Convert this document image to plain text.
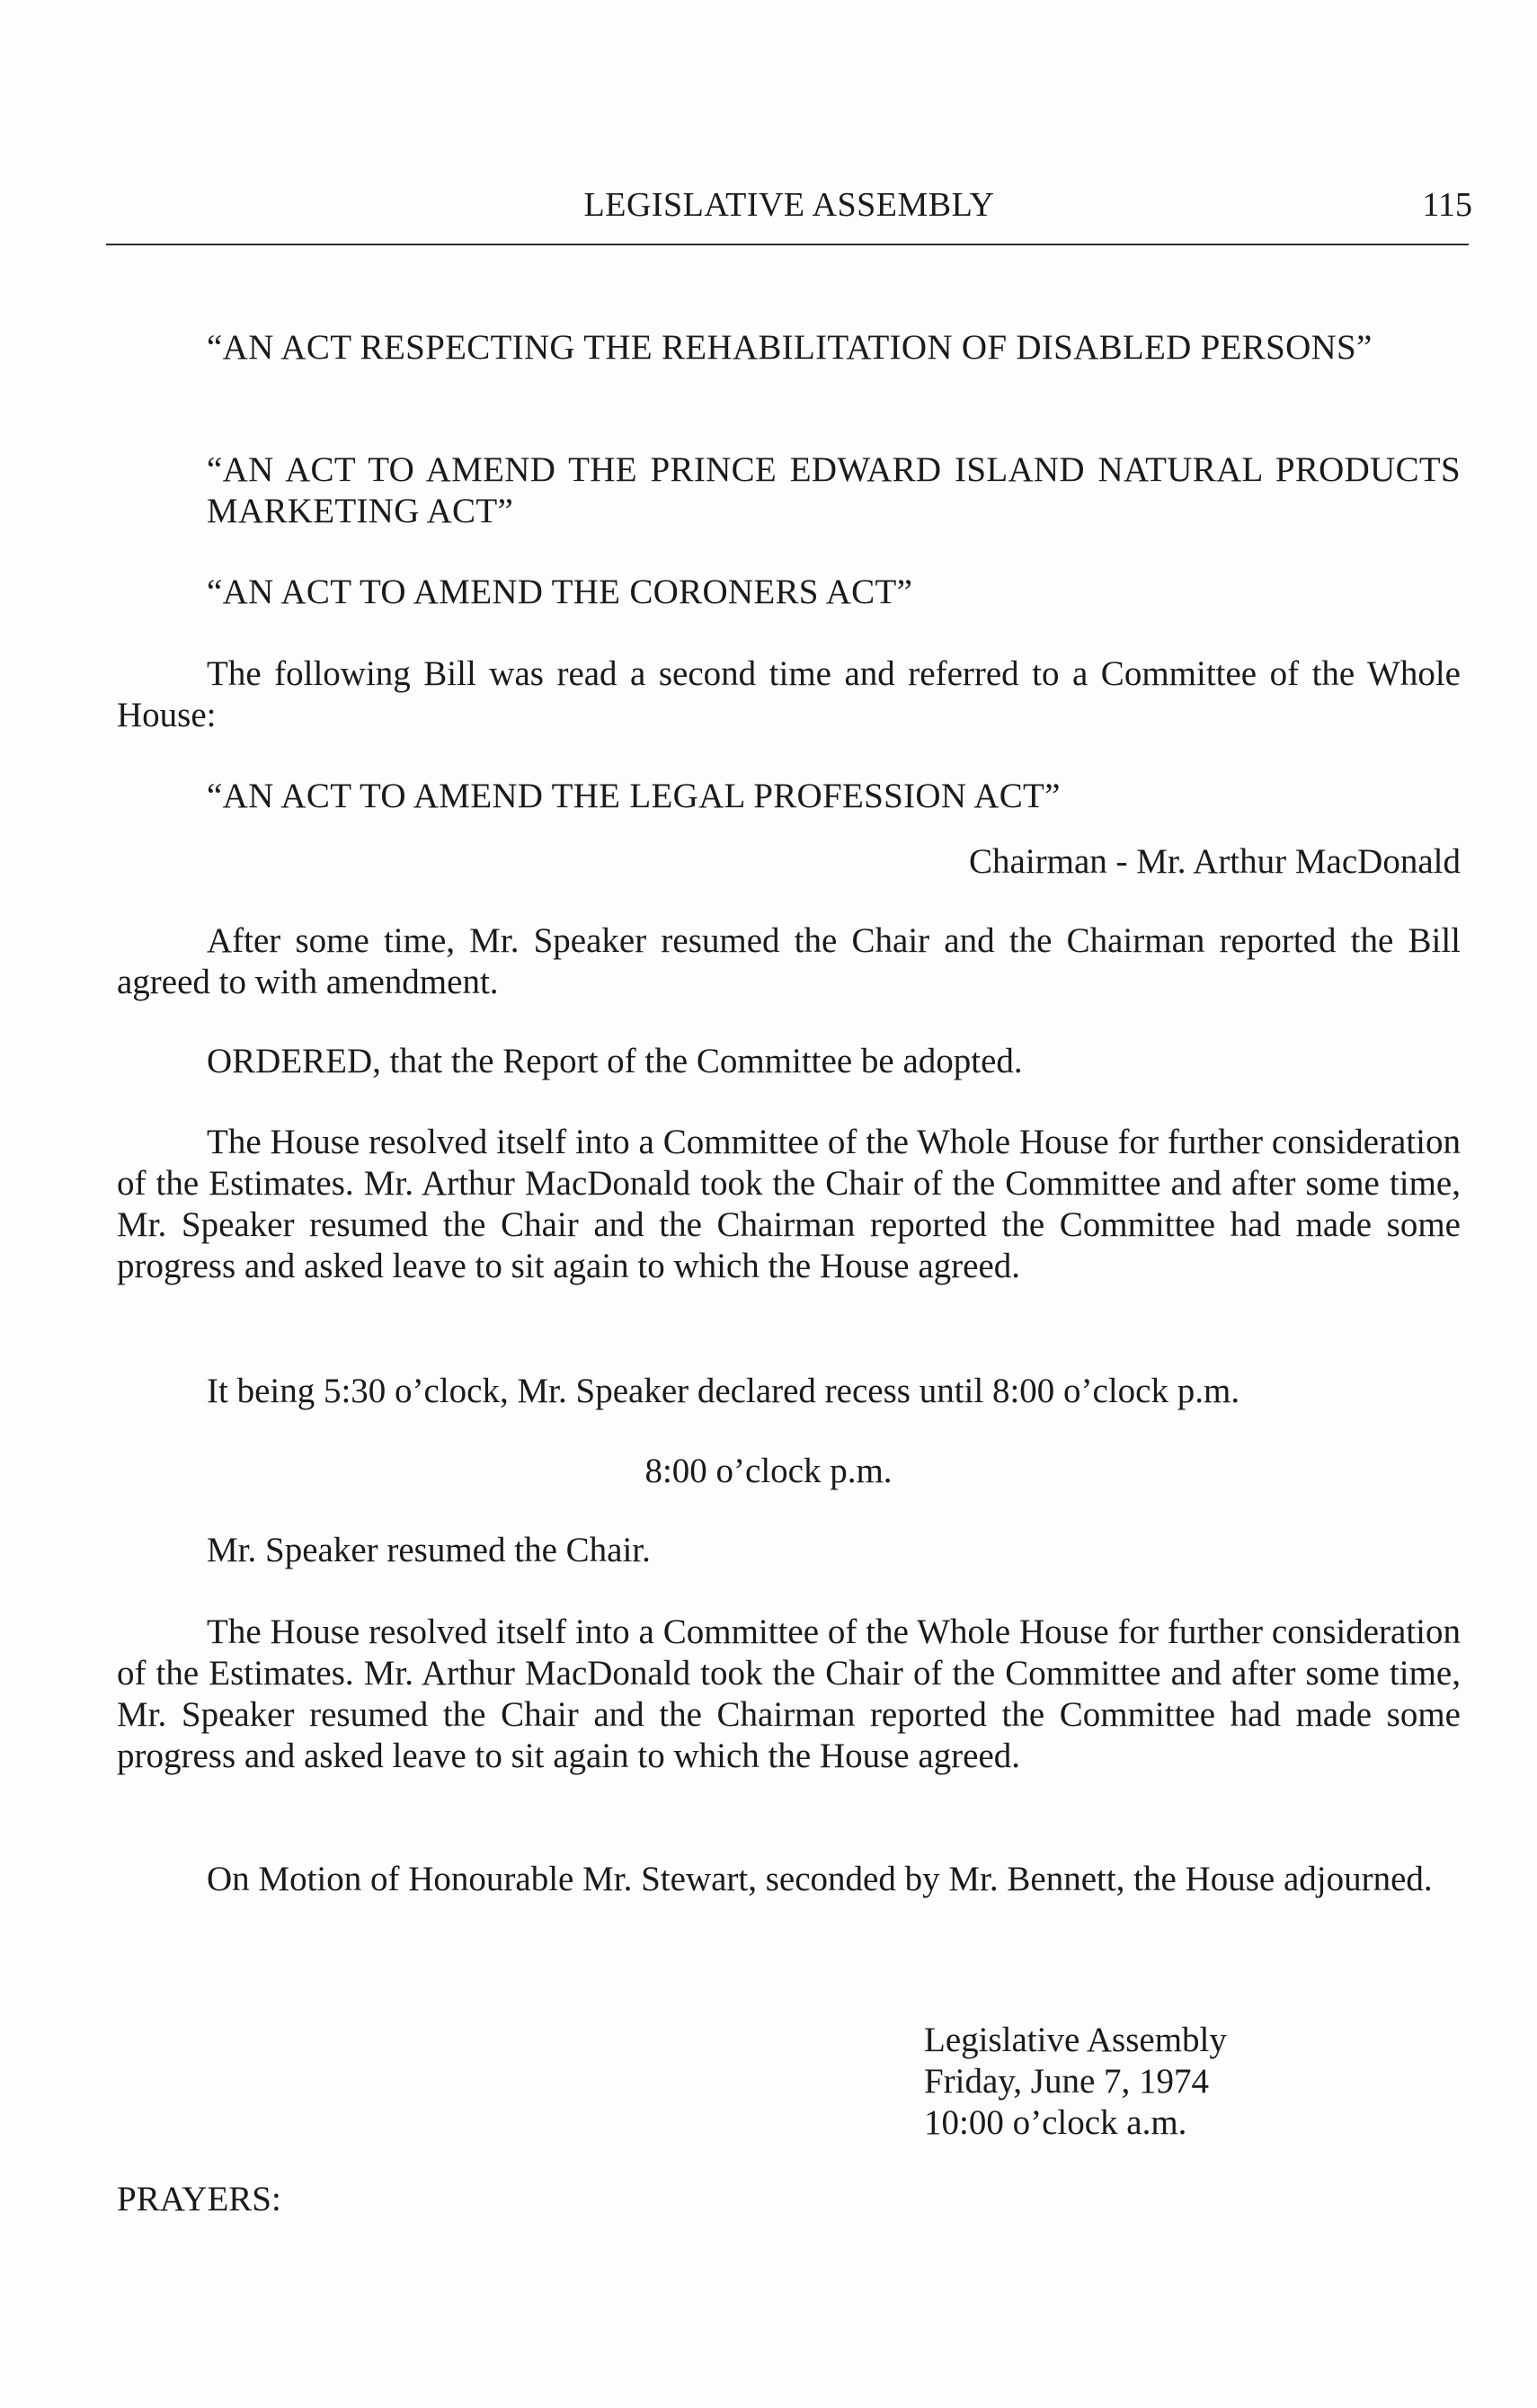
LEGISLATIVE ASSEMBLY	115
“AN ACT RESPECTING THE REHABILITATION OF DISABLED PERSONS”
“AN ACT TO AMEND THE PRINCE EDWARD ISLAND NATURAL PRODUCTS MARKETING ACT”
“AN ACT TO AMEND THE CORONERS ACT”
The following Bill was read a second time and referred to a Committee of the Whole House:
“AN ACT TO AMEND THE LEGAL PROFESSION ACT”
Chairman - Mr. Arthur MacDonald
After some time, Mr. Speaker resumed the Chair and the Chairman reported the Bill agreed to with amendment.
ORDERED, that the Report of the Committee be adopted.
The House resolved itself into a Committee of the Whole House for further consideration of the Estimates. Mr. Arthur MacDonald took the Chair of the Committee and after some time, Mr. Speaker resumed the Chair and the Chairman reported the Committee had made some progress and asked leave to sit again to which the House agreed.
It being 5:30 o’clock, Mr. Speaker declared recess until 8:00 o’clock p.m.
8:00 o’clock p.m.
Mr. Speaker resumed the Chair.
The House resolved itself into a Committee of the Whole House for further consideration of the Estimates. Mr. Arthur MacDonald took the Chair of the Committee and after some time, Mr. Speaker resumed the Chair and the Chairman reported the Committee had made some progress and asked leave to sit again to which the House agreed.
On Motion of Honourable Mr. Stewart, seconded by Mr. Bennett, the House adjourned.
Legislative Assembly
Friday, June 7, 1974
10:00 o’clock a.m.
PRAYERS:
